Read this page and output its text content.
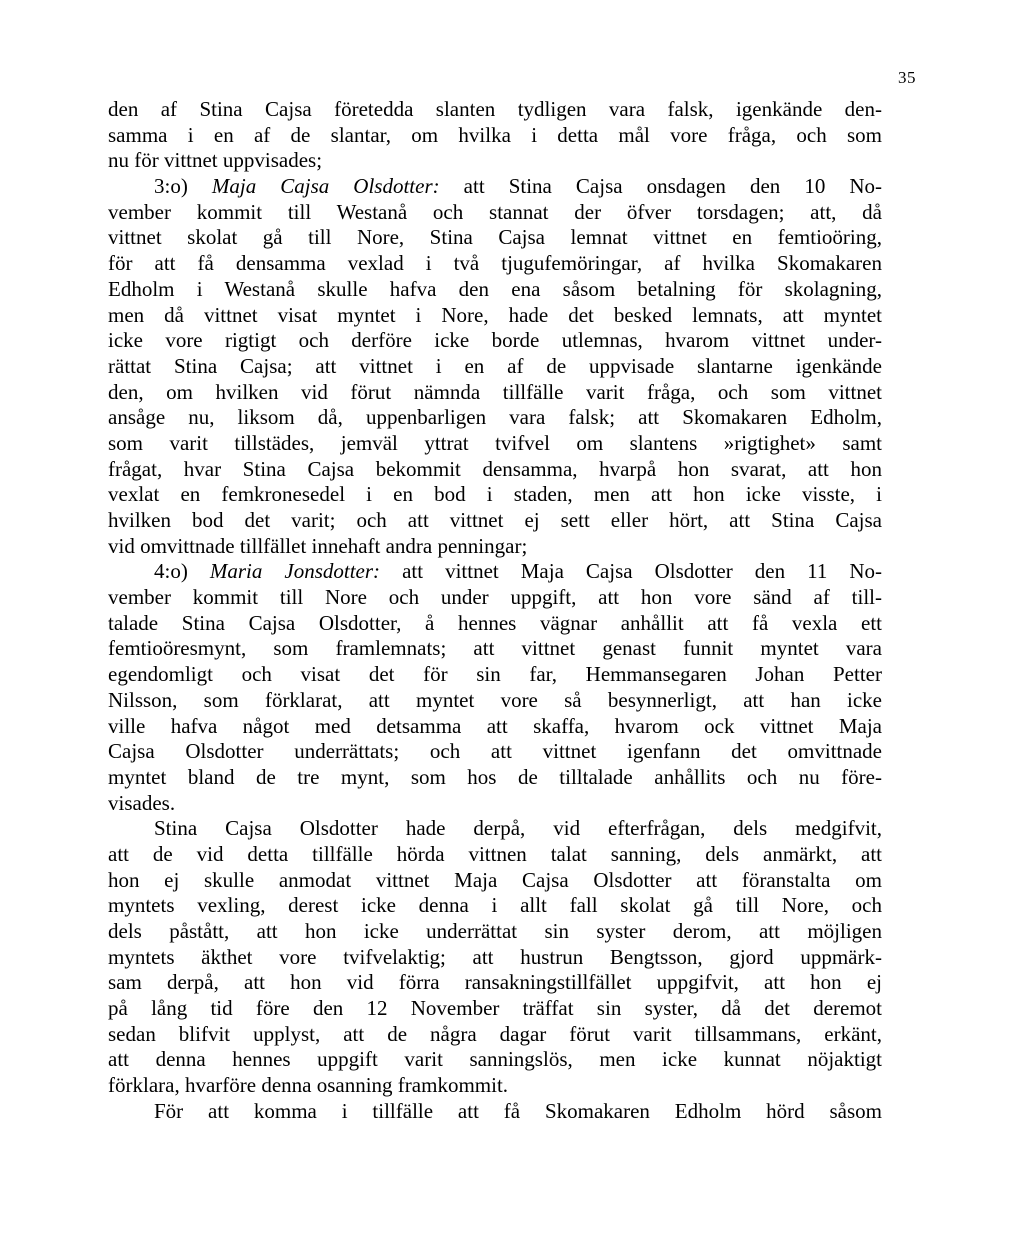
35
den af Stina Cajsa företedda slanten tydligen vara falsk, igenkände den-
samma i en af de slantar, om hvilka i detta mål vore fråga, och som
nu för vittnet uppvisades;
3:o) Maja Cajsa Olsdotter: att Stina Cajsa onsdagen den 10 No-
vember kommit till Westanå och stannat der öfver torsdagen; att, då
vittnet skolat gå till Nore, Stina Cajsa lemnat vittnet en femtioöring,
för att få densamma vexlad i två tjugufemöringar, af hvilka Skomakaren
Edholm i Westanå skulle hafva den ena såsom betalning för skolagning,
men då vittnet visat myntet i Nore, hade det besked lemnats, att myntet
icke vore rigtigt och derföre icke borde utlemnas, hvarom vittnet under-
rättat Stina Cajsa; att vittnet i en af de uppvisade slantarne igenkände
den, om hvilken vid förut nämnda tillfälle varit fråga, och som vittnet
ansåge nu, liksom då, uppenbarligen vara falsk; att Skomakaren Edholm,
som varit tillstädes, jemväl yttrat tvifvel om slantens »rigtighet» samt
frågat, hvar Stina Cajsa bekommit densamma, hvarpå hon svarat, att hon
vexlat en femkronesedel i en bod i staden, men att hon icke visste, i
hvilken bod det varit; och att vittnet ej sett eller hört, att Stina Cajsa
vid omvittnade tillfället innehaft andra penningar;
4:o) Maria Jonsdotter: att vittnet Maja Cajsa Olsdotter den 11 No-
vember kommit till Nore och under uppgift, att hon vore sänd af till-
talade Stina Cajsa Olsdotter, å hennes vägnar anhållit att få vexla ett
femtioöresmynt, som framlemnats; att vittnet genast funnit myntet vara
egendomligt och visat det för sin far, Hemmansegaren Johan Petter
Nilsson, som förklarat, att myntet vore så besynnerligt, att han icke
ville hafva något med detsamma att skaffa, hvarom ock vittnet Maja
Cajsa Olsdotter underrättats; och att vittnet igenfann det omvittnade
myntet bland de tre mynt, som hos de tilltalade anhållits och nu före-
visades.
Stina Cajsa Olsdotter hade derpå, vid efterfrågan, dels medgifvit,
att de vid detta tillfälle hörda vittnen talat sanning, dels anmärkt, att
hon ej skulle anmodat vittnet Maja Cajsa Olsdotter att föranstalta om
myntets vexling, derest icke denna i allt fall skolat gå till Nore, och
dels påstått, att hon icke underrättat sin syster derom, att möjligen
myntets äkthet vore tvifvelaktig; att hustrun Bengtsson, gjord uppmärk-
sam derpå, att hon vid förra ransakningstillfället uppgifvit, att hon ej
på lång tid före den 12 November träffat sin syster, då det deremot
sedan blifvit upplyst, att de några dagar förut varit tillsammans, erkänt,
att denna hennes uppgift varit sanningslös, men icke kunnat nöjaktigt
förklara, hvarföre denna osanning framkommit.
För att komma i tillfälle att få Skomakaren Edholm hörd såsom
